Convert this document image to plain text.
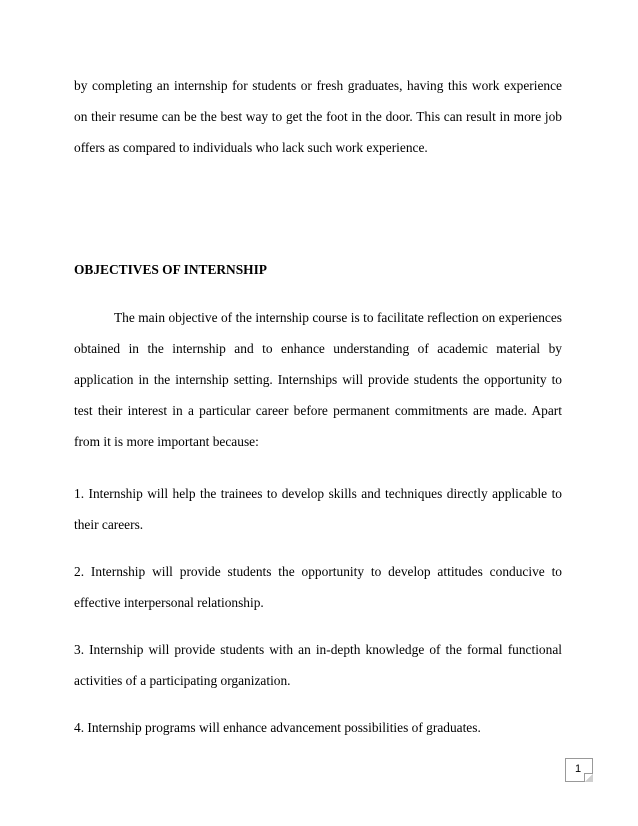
by completing an internship for students or fresh graduates, having this work experience on their resume can be the best way to get the foot in the door. This can result in more job offers as compared to individuals who lack such work experience.

OBJECTIVES OF INTERNSHIP

The main objective of the internship course is to facilitate reflection on experiences obtained in the internship and to enhance understanding of academic material by application in the internship setting. Internships will provide students the opportunity to test their interest in a particular career before permanent commitments are made. Apart from it is more important because:

1. Internship will help the trainees to develop skills and techniques directly applicable to their careers.

2. Internship will provide students the opportunity to develop attitudes conducive to effective interpersonal relationship.

3. Internship will provide students with an in-depth knowledge of the formal functional activities of a participating organization.

4. Internship programs will enhance advancement possibilities of graduates.

1
